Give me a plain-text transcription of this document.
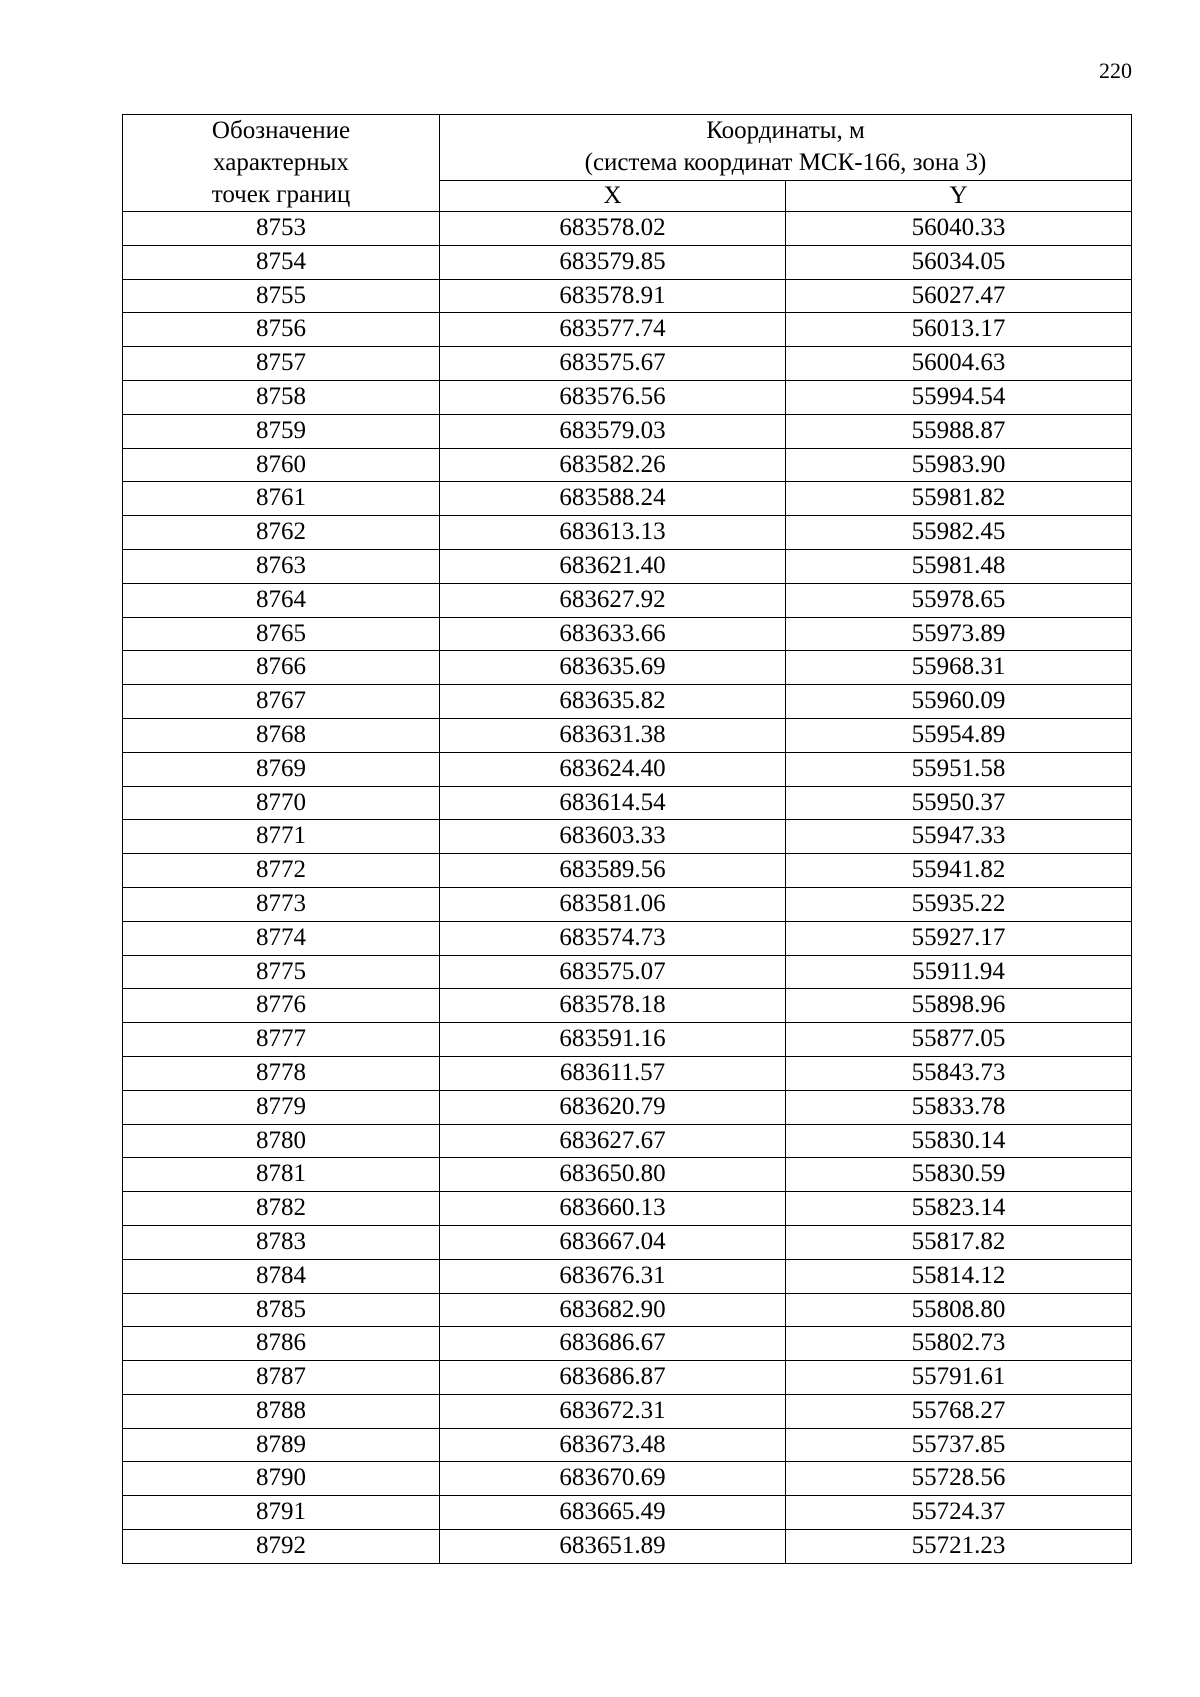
220
Обозначение
характерных
точек границ	Координаты, м
(система координат МСК-166, зона 3)	

	X	Y
8753	683578.02	56040.33
8754	683579.85	56034.05
8755	683578.91	56027.47
8756	683577.74	56013.17
8757	683575.67	56004.63
8758	683576.56	55994.54
8759	683579.03	55988.87
8760	683582.26	55983.90
8761	683588.24	55981.82
8762	683613.13	55982.45
8763	683621.40	55981.48
8764	683627.92	55978.65
8765	683633.66	55973.89
8766	683635.69	55968.31
8767	683635.82	55960.09
8768	683631.38	55954.89
8769	683624.40	55951.58
8770	683614.54	55950.37
8771	683603.33	55947.33
8772	683589.56	55941.82
8773	683581.06	55935.22
8774	683574.73	55927.17
8775	683575.07	55911.94
8776	683578.18	55898.96
8777	683591.16	55877.05
8778	683611.57	55843.73
8779	683620.79	55833.78
8780	683627.67	55830.14
8781	683650.80	55830.59
8782	683660.13	55823.14
8783	683667.04	55817.82
8784	683676.31	55814.12
8785	683682.90	55808.80
8786	683686.67	55802.73
8787	683686.87	55791.61
8788	683672.31	55768.27
8789	683673.48	55737.85
8790	683670.69	55728.56
8791	683665.49	55724.37
8792	683651.89	55721.23
